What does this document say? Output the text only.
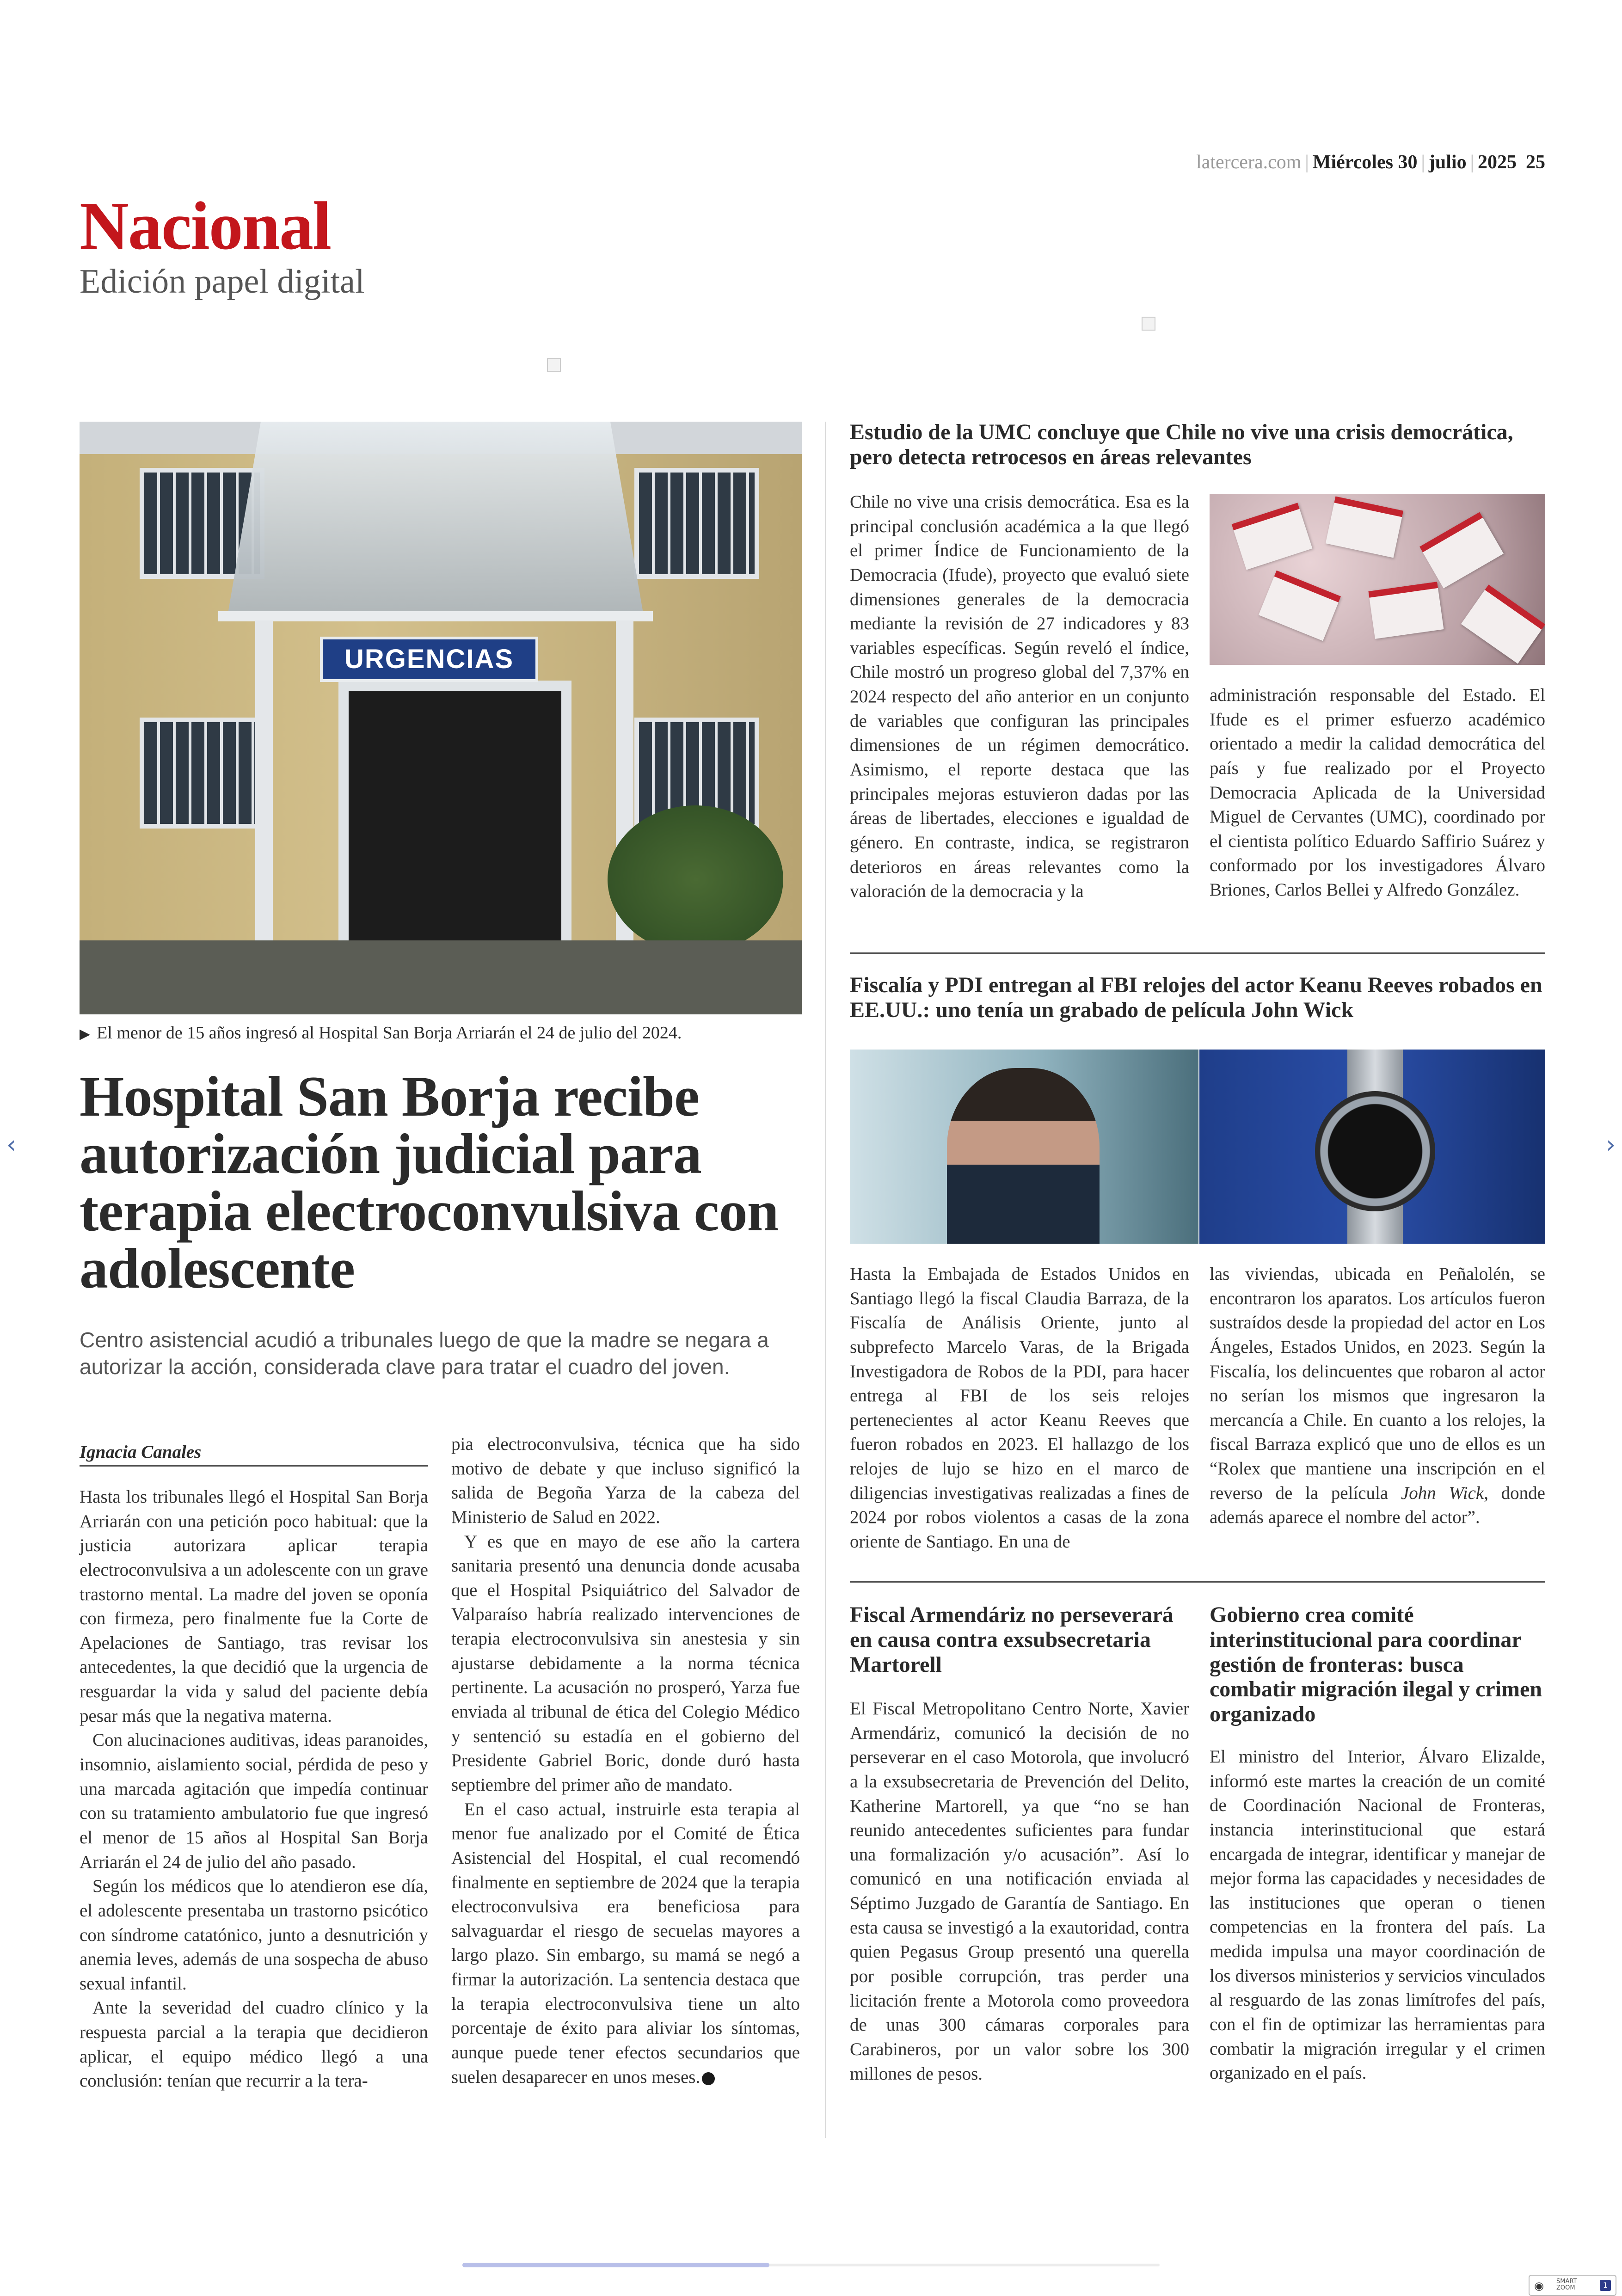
Nacional
Edición papel digital
latercera.com | Miércoles 30 | julio | 2025 25
URGENCIAS
▶ El menor de 15 años ingresó al Hospital San Borja Arriarán el 24 de julio del 2024.
Hospital San Borja recibe autorización judicial para terapia electroconvulsiva con adolescente
Centro asistencial acudió a tribunales luego de que la madre se negara a autorizar la acción, considerada clave para tratar el cuadro del joven.
Ignacia Canales

Hasta los tribunales llegó el Hospital San Borja Arriarán con una petición poco habitual: que la justicia autorizara aplicar terapia electroconvulsiva a un adolescente con un grave trastorno mental. La madre del joven se oponía con firmeza, pero finalmente fue la Corte de Apelaciones de Santiago, tras revisar los antecedentes, la que decidió que la urgencia de resguardar la vida y salud del paciente debía pesar más que la negativa materna.

Con alucinaciones auditivas, ideas paranoides, insomnio, aislamiento social, pérdida de peso y una marcada agitación que impedía continuar con su tratamiento ambulatorio fue que ingresó el menor de 15 años al Hospital San Borja Arriarán el 24 de julio del año pasado.

Según los médicos que lo atendieron ese día, el adolescente presentaba un trastorno psicótico con síndrome catatónico, junto a desnutrición y anemia leves, además de una sospecha de abuso sexual infantil.

Ante la severidad del cuadro clínico y la respuesta parcial a la terapia que decidieron aplicar, el equipo médico llegó a una conclusión: tenían que recurrir a la tera-

pia electroconvulsiva, técnica que ha sido motivo de debate y que incluso significó la salida de Begoña Yarza de la cabeza del Ministerio de Salud en 2022.

Y es que en mayo de ese año la cartera sanitaria presentó una denuncia donde acusaba que el Hospital Psiquiátrico del Salvador de Valparaíso habría realizado intervenciones de terapia electroconvulsiva sin anestesia y sin ajustarse debidamente a la norma técnica pertinente. La acusación no prosperó, Yarza fue enviada al tribunal de ética del Colegio Médico y sentenció su estadía en el gobierno del Presidente Gabriel Boric, donde duró hasta septiembre del primer año de mandato.

En el caso actual, instruirle esta terapia al menor fue analizado por el Comité de Ética Asistencial del Hospital, el cual recomendó finalmente en septiembre de 2024 que la terapia electroconvulsiva era beneficiosa para salvaguardar el riesgo de secuelas mayores a largo plazo. Sin embargo, su mamá se negó a firmar la autorización. La sentencia destaca que la terapia electroconvulsiva tiene un alto porcentaje de éxito para aliviar los síntomas, aunque puede tener efectos secundarios que suelen desaparecer en unos meses.

Estudio de la UMC concluye que Chile no vive una crisis democrática, pero detecta retrocesos en áreas relevantes
Chile no vive una crisis democrática. Esa es la principal conclusión académica a la que llegó el primer Índice de Funcionamiento de la Democracia (Ifude), proyecto que evaluó siete dimensiones generales de la democracia mediante la revisión de 27 indicadores y 83 variables específicas. Según reveló el índice, Chile mostró un progreso global del 7,37% en 2024 respecto del año anterior en un conjunto de variables que configuran las principales dimensiones de un régimen democrático. Asimismo, el reporte destaca que las principales mejoras estuvieron dadas por las áreas de libertades, elecciones e igualdad de género. En contraste, indica, se registraron deterioros en áreas relevantes como la valoración de la democracia y la
administración responsable del Estado. El Ifude es el primer esfuerzo académico orientado a medir la calidad democrática del país y fue realizado por el Proyecto Democracia Aplicada de la Universidad Miguel de Cervantes (UMC), coordinado por el cientista político Eduardo Saffirio Suárez y conformado por los investigadores Álvaro Briones, Carlos Bellei y Alfredo González.
Fiscalía y PDI entregan al FBI relojes del actor Keanu Reeves robados en EE.UU.: uno tenía un grabado de película John Wick
Hasta la Embajada de Estados Unidos en Santiago llegó la fiscal Claudia Barraza, de la Fiscalía de Análisis Oriente, junto al subprefecto Marcelo Varas, de la Brigada Investigadora de Robos de la PDI, para hacer entrega al FBI de los seis relojes pertenecientes al actor Keanu Reeves que fueron robados en 2023. El hallazgo de los relojes de lujo se hizo en el marco de diligencias investigativas realizadas a fines de 2024 por robos violentos a casas de la zona oriente de Santiago. En una de
las viviendas, ubicada en Peñalolén, se encontraron los aparatos. Los artículos fueron sustraídos desde la propiedad del actor en Los Ángeles, Estados Unidos, en 2023. Según la Fiscalía, los delincuentes que robaron al actor no serían los mismos que ingresaron la mercancía a Chile. En cuanto a los relojes, la fiscal Barraza explicó que uno de ellos es un “Rolex que mantiene una inscripción en el reverso de la película John Wick, donde además aparece el nombre del actor”.
Fiscal Armendáriz no perseverará en causa contra exsubsecretaria Martorell
El Fiscal Metropolitano Centro Norte, Xavier Armendáriz, comunicó la decisión de no perseverar en el caso Motorola, que involucró a la exsubsecretaria de Prevención del Delito, Katherine Martorell, ya que “no se han reunido antecedentes suficientes para fundar una formalización y/o acusación”. Así lo comunicó en una notificación enviada al Séptimo Juzgado de Garantía de Santiago. En esta causa se investigó a la exautoridad, contra quien Pegasus Group presentó una querella por posible corrupción, tras perder una licitación frente a Motorola como proveedora de unas 300 cámaras corporales para Carabineros, por un valor sobre los 300 millones de pesos.
Gobierno crea comité interinstitucional para coordinar gestión de fronteras: busca combatir migración ilegal y crimen organizado
El ministro del Interior, Álvaro Elizalde, informó este martes la creación de un comité de Coordinación Nacional de Fronteras, instancia interinstitucional que estará encargada de integrar, identificar y manejar de mejor forma las capacidades y necesidades de las instituciones que operan o tienen competencias en la frontera del país. La medida impulsa una mayor coordinación de los diversos ministerios y servicios vinculados al resguardo de las zonas limítrofes del país, con el fin de optimizar las herramientas para combatir la migración irregular y el crimen organizado en el país.
‹	›
◉ SMART ZOOM	1
